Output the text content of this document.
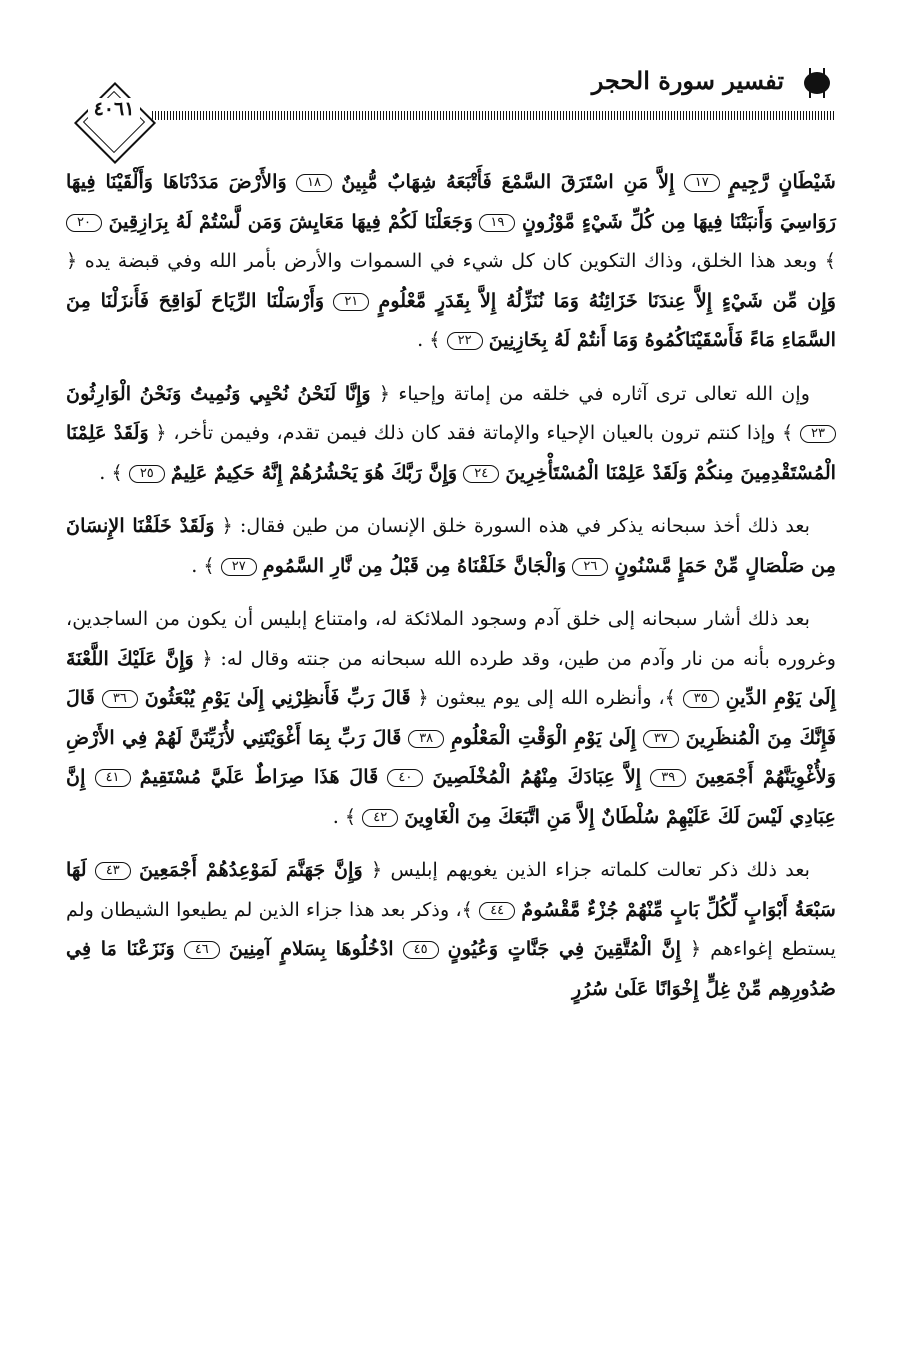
تفسير سورة الحجر
٤٠٦١

شَيْطَانٍ رَّجِيمٍ ١٧ إِلاَّ مَنِ اسْتَرَقَ السَّمْعَ فَأَتْبَعَهُ شِهَابٌ مُّبِينٌ ١٨ وَالأَرْضَ مَدَدْنَاهَا وَأَلْقَيْنَا فِيهَا رَوَاسِيَ وَأَنبَتْنَا فِيهَا مِن كُلِّ شَيْءٍ مَّوْزُونٍ ١٩ وَجَعَلْنَا لَكُمْ فِيهَا مَعَايِشَ وَمَن لَّسْتُمْ لَهُ بِرَازِقِينَ ٢٠ ﴾ وبعد هذا الخلق، وذاك التكوين كان كل شيء في السموات والأرض بأمر الله وفي قبضة يده ﴿ وَإِن مِّن شَيْءٍ إِلاَّ عِندَنَا خَزَائِنُهُ وَمَا نُنَزِّلُهُ إِلاَّ بِقَدَرٍ مَّعْلُومٍ ٢١ وَأَرْسَلْنَا الرِّيَاحَ لَوَاقِحَ فَأَنزَلْنَا مِنَ السَّمَاءِ مَاءً فَأَسْقَيْنَاكُمُوهُ وَمَا أَنتُمْ لَهُ بِخَازِنِينَ ٢٢ ﴾ .

وإن الله تعالى ترى آثاره في خلقه من إماتة وإحياء ﴿ وَإِنَّا لَنَحْنُ نُحْيِي وَنُمِيتُ وَنَحْنُ الْوَارِثُونَ ٢٣ ﴾ وإذا كنتم ترون بالعيان الإحياء والإماتة فقد كان ذلك فيمن تقدم، وفيمن تأخر، ﴿ وَلَقَدْ عَلِمْنَا الْمُسْتَقْدِمِينَ مِنكُمْ وَلَقَدْ عَلِمْنَا الْمُسْتَأْخِرِينَ ٢٤ وَإِنَّ رَبَّكَ هُوَ يَحْشُرُهُمْ إِنَّهُ حَكِيمٌ عَلِيمٌ ٢٥ ﴾ .

بعد ذلك أخذ سبحانه يذكر في هذه السورة خلق الإنسان من طين فقال: ﴿ وَلَقَدْ خَلَقْنَا الإِنسَانَ مِن صَلْصَالٍ مِّنْ حَمَإٍ مَّسْنُونٍ ٢٦ وَالْجَانَّ خَلَقْنَاهُ مِن قَبْلُ مِن نَّارِ السَّمُومِ ٢٧ ﴾ .

بعد ذلك أشار سبحانه إلى خلق آدم وسجود الملائكة له، وامتناع إبليس أن يكون من الساجدين، وغروره بأنه من نار وآدم من طين، وقد طرده الله سبحانه من جنته وقال له: ﴿ وَإِنَّ عَلَيْكَ اللَّعْنَةَ إِلَىٰ يَوْمِ الدِّينِ ٣٥ ﴾، وأنظره الله إلى يوم يبعثون ﴿ قَالَ رَبِّ فَأَنظِرْنِي إِلَىٰ يَوْمِ يُبْعَثُونَ ٣٦ قَالَ فَإِنَّكَ مِنَ الْمُنظَرِينَ ٣٧ إِلَىٰ يَوْمِ الْوَقْتِ الْمَعْلُومِ ٣٨ قَالَ رَبِّ بِمَا أَغْوَيْتَنِي لأُزَيِّنَنَّ لَهُمْ فِي الأَرْضِ وَلأُغْوِيَنَّهُمْ أَجْمَعِينَ ٣٩ إِلاَّ عِبَادَكَ مِنْهُمُ الْمُخْلَصِينَ ٤٠ قَالَ هَذَا صِرَاطٌ عَلَيَّ مُسْتَقِيمٌ ٤١ إِنَّ عِبَادِي لَيْسَ لَكَ عَلَيْهِمْ سُلْطَانٌ إِلاَّ مَنِ اتَّبَعَكَ مِنَ الْغَاوِينَ ٤٢ ﴾ .

بعد ذلك ذكر تعالت كلماته جزاء الذين يغويهم إبليس ﴿ وَإِنَّ جَهَنَّمَ لَمَوْعِدُهُمْ أَجْمَعِينَ ٤٣ لَهَا سَبْعَةُ أَبْوَابٍ لِّكُلِّ بَابٍ مِّنْهُمْ جُزْءٌ مَّقْسُومٌ ٤٤ ﴾، وذكر بعد هذا جزاء الذين لم يطيعوا الشيطان ولم يستطع إغواءهم ﴿ إِنَّ الْمُتَّقِينَ فِي جَنَّاتٍ وَعُيُونٍ ٤٥ ادْخُلُوهَا بِسَلامٍ آمِنِينَ ٤٦ وَنَزَعْنَا مَا فِي صُدُورِهِم مِّنْ غِلٍّ إِخْوَانًا عَلَىٰ سُرُرٍ
